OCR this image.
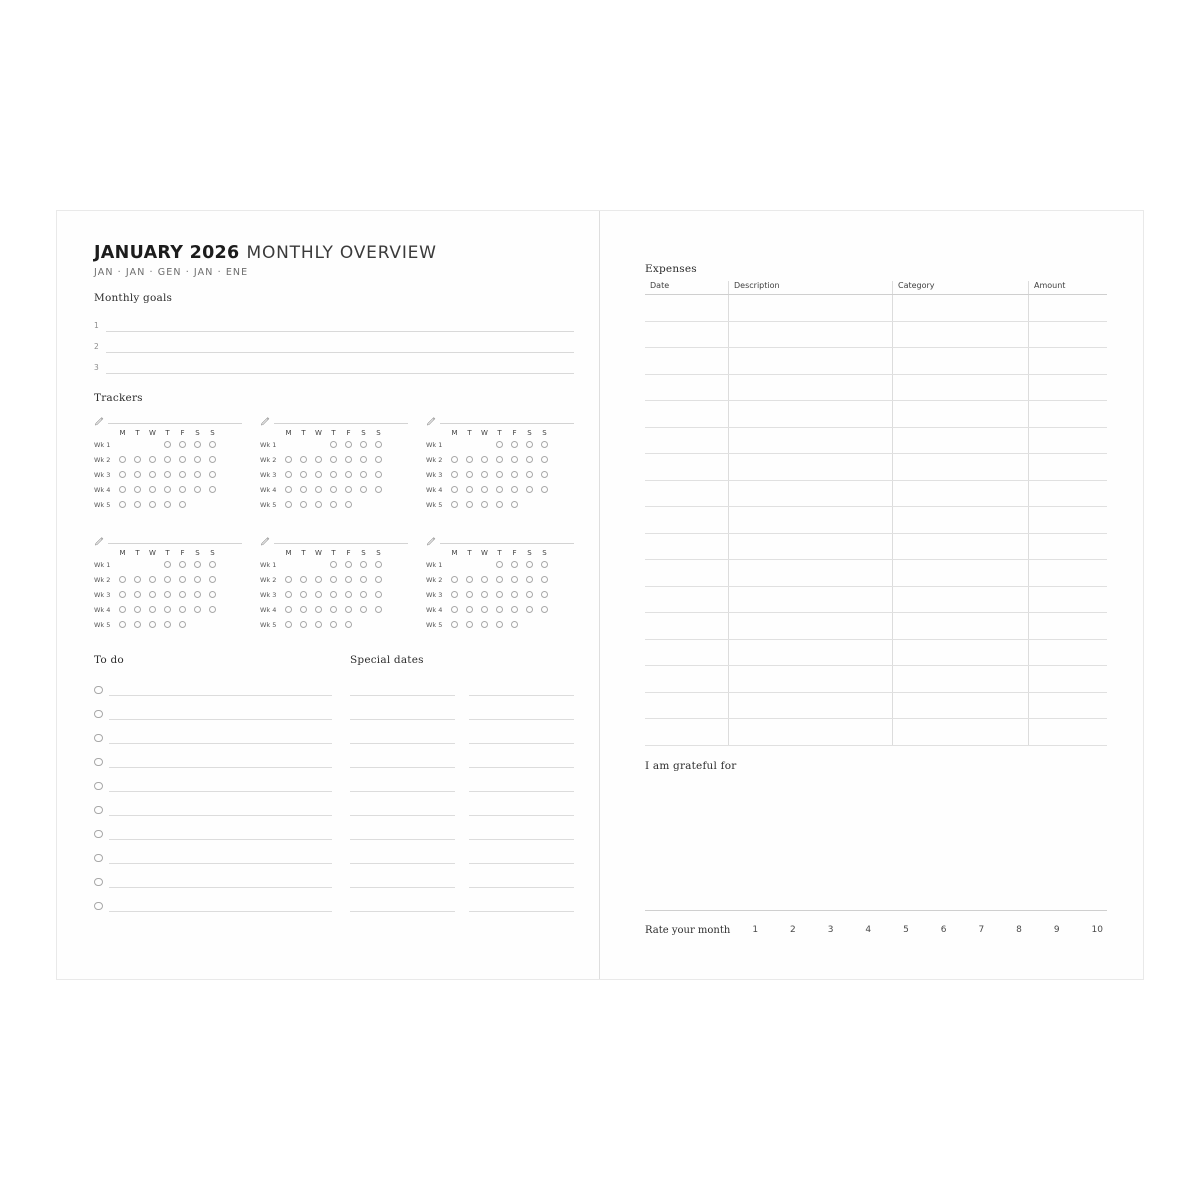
JANUARY 2026 MONTHLY OVERVIEW
JAN · JAN · GEN · JAN · ENE
Monthly goals
1
2
3
Trackers
M	T	W	T	F	S	S
Wk 1
Wk 2
Wk 3
Wk 4
Wk 5
M	T	W	T	F	S	S
Wk 1
Wk 2
Wk 3
Wk 4
Wk 5
M	T	W	T	F	S	S
Wk 1
Wk 2
Wk 3
Wk 4
Wk 5
M	T	W	T	F	S	S
Wk 1
Wk 2
Wk 3
Wk 4
Wk 5
M	T	W	T	F	S	S
Wk 1
Wk 2
Wk 3
Wk 4
Wk 5
M	T	W	T	F	S	S
Wk 1
Wk 2
Wk 3
Wk 4
Wk 5
To do	Special dates
Expenses
Date	Description	Category	Amount

I am grateful for
Rate your month 1	2	3	4	5	6	7	8	9	10
